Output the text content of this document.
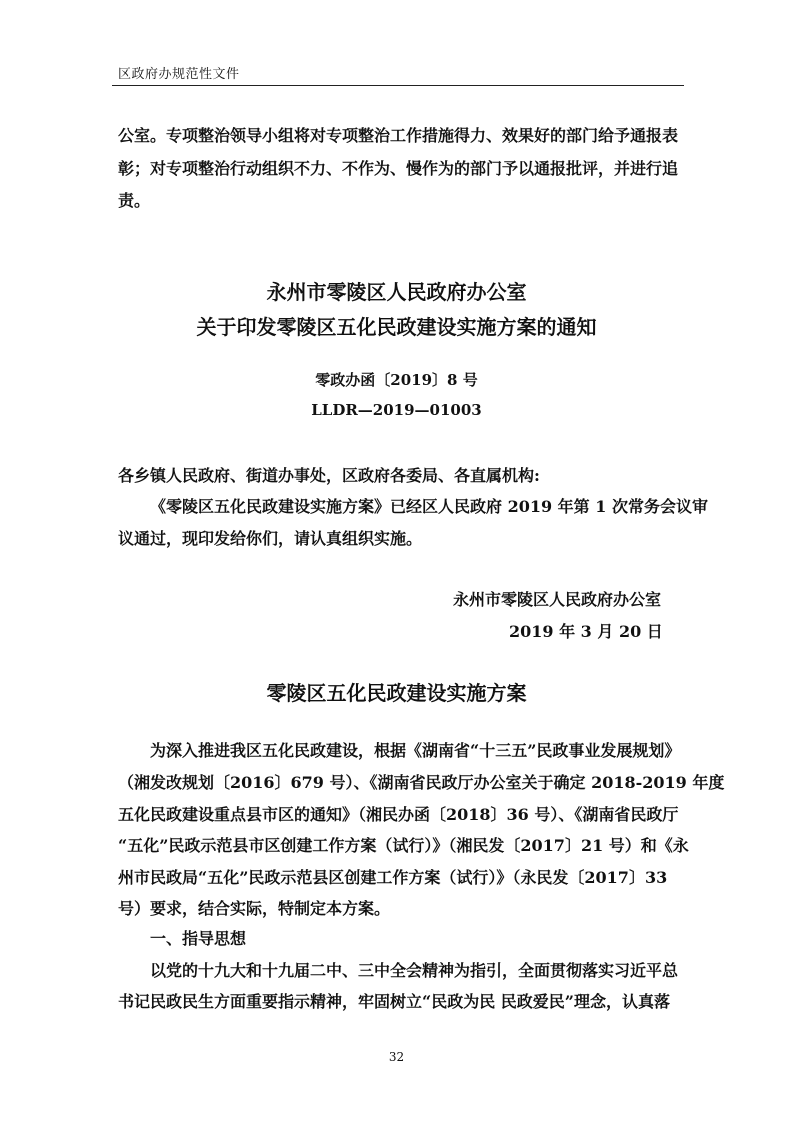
区政府办规范性文件
公室。专项整治领导小组将对专项整治工作措施得力、效果好的部门给予通报表
彰；对专项整治行动组织不力、不作为、慢作为的部门予以通报批评，并进行追
责。
永州市零陵区人民政府办公室
关于印发零陵区五化民政建设实施方案的通知
零政办函〔2019〕8 号
LLDR—2019—01003
各乡镇人民政府、街道办事处，区政府各委局、各直属机构:
《零陵区五化民政建设实施方案》已经区人民政府 2019 年第 1 次常务会议审
议通过，现印发给你们，请认真组织实施。
永州市零陵区人民政府办公室
2019 年 3 月 20 日
零陵区五化民政建设实施方案
为深入推进我区五化民政建设，根据《湖南省“十三五”民政事业发展规划》
（湘发改规划〔2016〕679 号）、《湖南省民政厅办公室关于确定 2018-2019 年度
五化民政建设重点县市区的通知》（湘民办函〔2018〕36 号）、《湖南省民政厅
“五化”民政示范县市区创建工作方案（试行）》（湘民发〔2017〕21 号）和《永
州市民政局“五化”民政示范县区创建工作方案（试行）》（永民发〔2017〕33
号）要求，结合实际，特制定本方案。
一、指导思想
以党的十九大和十九届二中、三中全会精神为指引，全面贯彻落实习近平总
书记民政民生方面重要指示精神，牢固树立“民政为民 民政爱民”理念，认真落
32
